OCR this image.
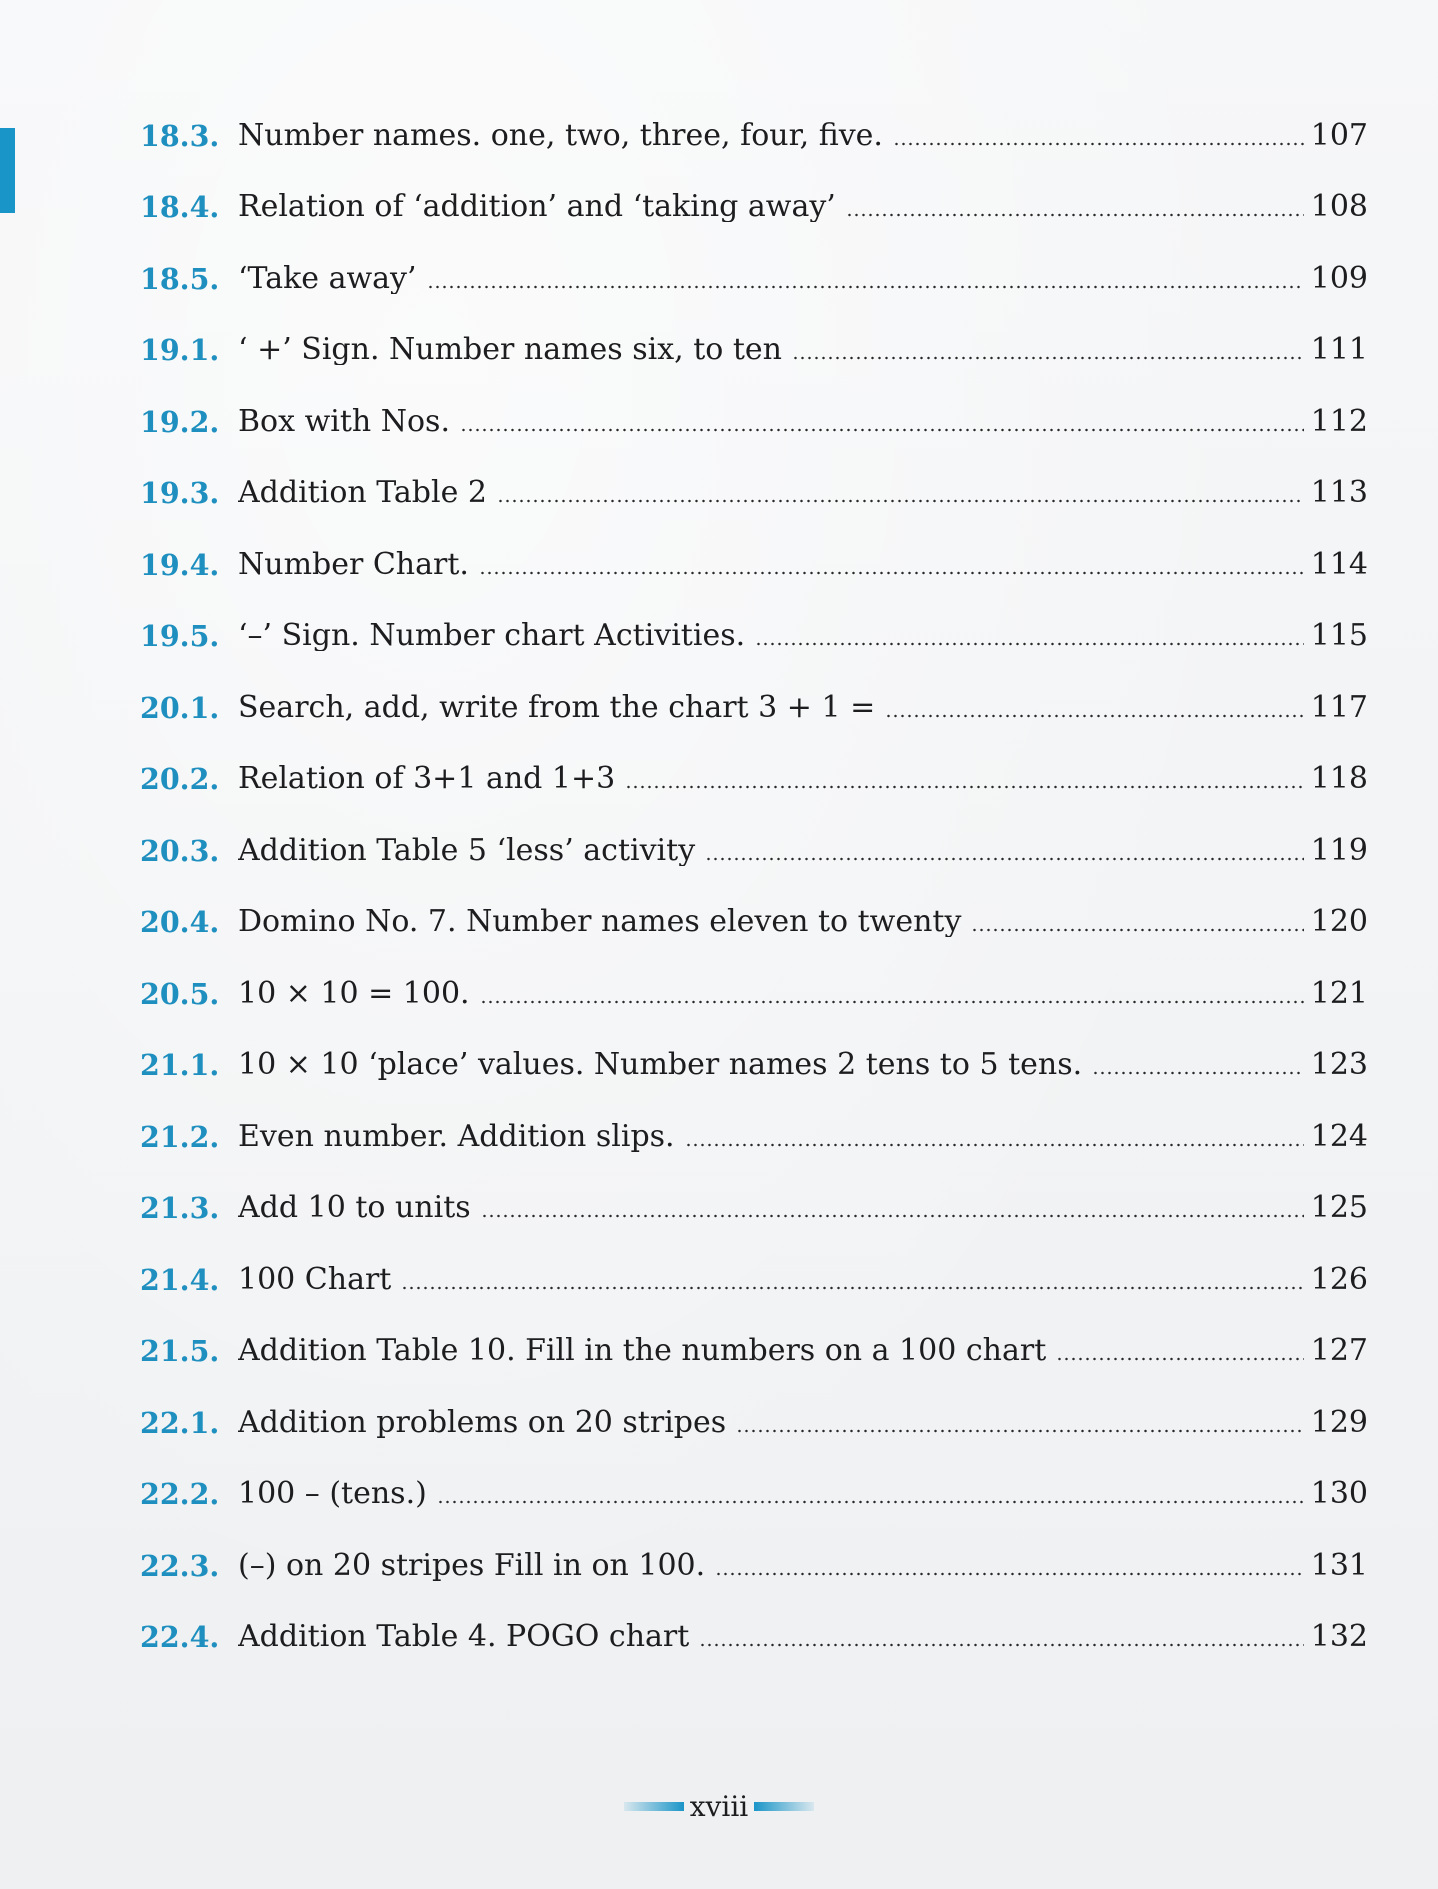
18.3. Number names. one, two, three, four, five.	107
18.4. Relation of ‘addition’ and ‘taking away’	108
18.5. ‘Take away’	109
19.1. ‘ +’ Sign. Number names six, to ten	111
19.2. Box with Nos.	112
19.3. Addition Table 2	113
19.4. Number Chart.	114
19.5. ‘–’ Sign. Number chart Activities.	115
20.1. Search, add, write from the chart 3 + 1 =	117
20.2. Relation of 3+1 and 1+3	118
20.3. Addition Table 5 ‘less’ activity	119
20.4. Domino No. 7. Number names eleven to twenty	120
20.5. 10 × 10 = 100.	121
21.1. 10 × 10 ‘place’ values. Number names 2 tens to 5 tens.	123
21.2. Even number. Addition slips.	124
21.3. Add 10 to units	125
21.4. 100 Chart	126
21.5. Addition Table 10. Fill in the numbers on a 100 chart	127
22.1. Addition problems on 20 stripes	129
22.2. 100 – (tens.)	130
22.3. (–) on 20 stripes Fill in on 100.	131
22.4. Addition Table 4. POGO chart	132
xviii
